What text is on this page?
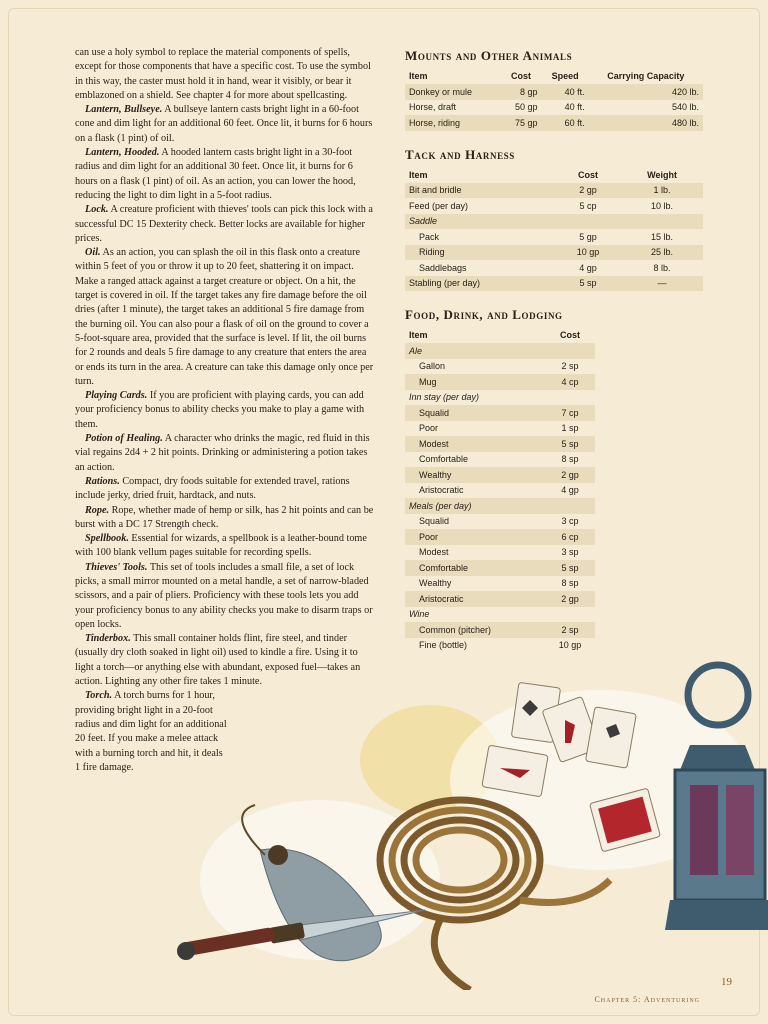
can use a holy symbol to replace the material components of spells, except for those components that have a specific cost. To use the symbol in this way, the caster must hold it in hand, wear it visibly, or bear it emblazoned on a shield. See chapter 4 for more about spellcasting.

Lantern, Bullseye. A bullseye lantern casts bright light in a 60-foot cone and dim light for an additional 60 feet. Once lit, it burns for 6 hours on a flask (1 pint) of oil.

Lantern, Hooded. A hooded lantern casts bright light in a 30-foot radius and dim light for an additional 30 feet. Once lit, it burns for 6 hours on a flask (1 pint) of oil. As an action, you can lower the hood, reducing the light to dim light in a 5-foot radius.

Lock. A creature proficient with thieves' tools can pick this lock with a successful DC 15 Dexterity check. Better locks are available for higher prices.

Oil. As an action, you can splash the oil in this flask onto a creature within 5 feet of you or throw it up to 20 feet, shattering it on impact. Make a ranged attack against a target creature or object. On a hit, the target is covered in oil. If the target takes any fire damage before the oil dries (after 1 minute), the target takes an additional 5 fire damage from the burning oil. You can also pour a flask of oil on the ground to cover a 5-foot-square area, provided that the surface is level. If lit, the oil burns for 2 rounds and deals 5 fire damage to any creature that enters the area or ends its turn in the area. A creature can take this damage only once per turn.

Playing Cards. If you are proficient with playing cards, you can add your proficiency bonus to ability checks you make to play a game with them.

Potion of Healing. A character who drinks the magic, red fluid in this vial regains 2d4 + 2 hit points. Drinking or administering a potion takes an action.

Rations. Compact, dry foods suitable for extended travel, rations include jerky, dried fruit, hardtack, and nuts.

Rope. Rope, whether made of hemp or silk, has 2 hit points and can be burst with a DC 17 Strength check.

Spellbook. Essential for wizards, a spellbook is a leather-bound tome with 100 blank vellum pages suitable for recording spells.

Thieves' Tools. This set of tools includes a small file, a set of lock picks, a small mirror mounted on a metal handle, a set of narrow-bladed scissors, and a pair of pliers. Proficiency with these tools lets you add your proficiency bonus to any ability checks you make to disarm traps or open locks.

Tinderbox. This small container holds flint, fire steel, and tinder (usually dry cloth soaked in light oil) used to kindle a fire. Using it to light a torch—or anything else with abundant, exposed fuel—takes an action. Lighting any other fire takes 1 minute.

Torch. A torch burns for 1 hour, providing bright light in a 20-foot radius and dim light for an additional 20 feet. If you make a melee attack with a burning torch and hit, it deals 1 fire damage.

Mounts and Other Animals
Item	Cost	Speed	Carrying Capacity
Donkey or mule	8 gp	40 ft.	420 lb.
Horse, draft	50 gp	40 ft.	540 lb.
Horse, riding	75 gp	60 ft.	480 lb.
Tack and Harness
Item	Cost	Weight
Bit and bridle	2 gp	1 lb.
Feed (per day)	5 cp	10 lb.
Saddle		
Pack	5 gp	15 lb.
Riding	10 gp	25 lb.
Saddlebags	4 gp	8 lb.
Stabling (per day)	5 sp	—
Food, Drink, and Lodging
Item	Cost
Ale	
Gallon	2 sp
Mug	4 cp
Inn stay (per day)	
Squalid	7 cp
Poor	1 sp
Modest	5 sp
Comfortable	8 sp
Wealthy	2 gp
Aristocratic	4 gp
Meals (per day)	
Squalid	3 cp
Poor	6 cp
Modest	3 sp
Comfortable	5 sp
Wealthy	8 sp
Aristocratic	2 gp
Wine	
Common (pitcher)	2 sp
Fine (bottle)	10 gp
19
Chapter 5: Adventuring
